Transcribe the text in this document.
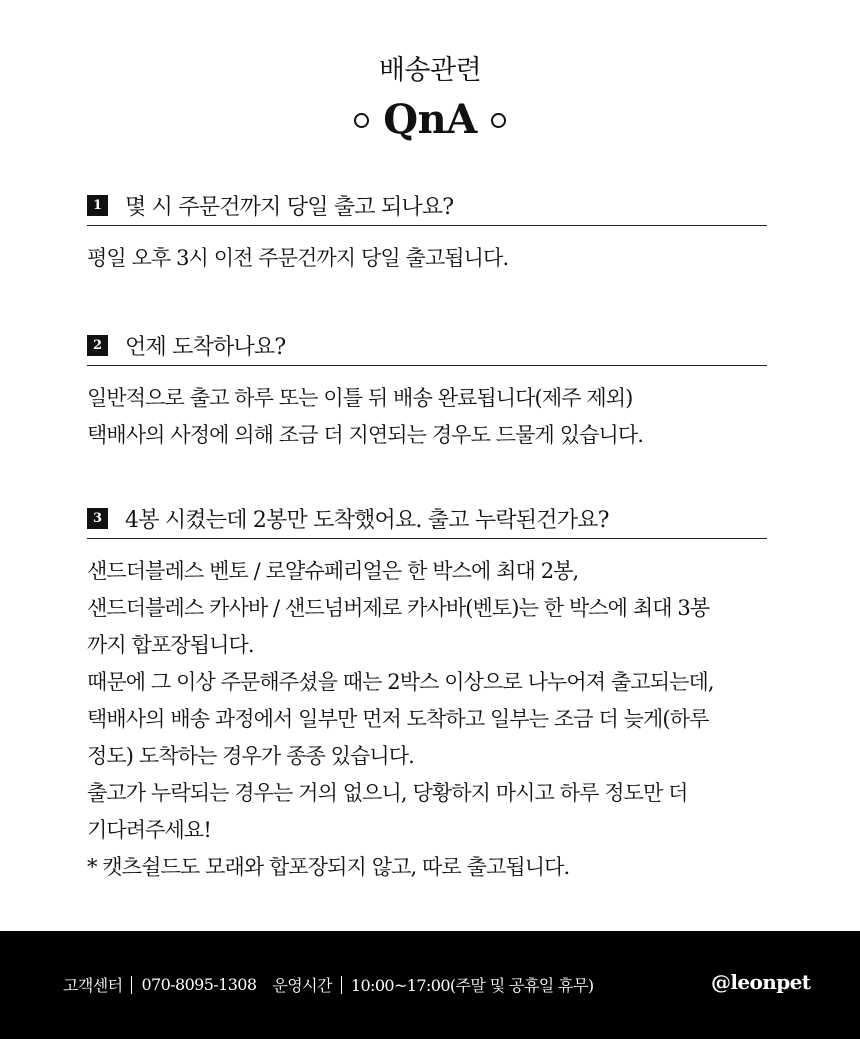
배송관련
QnA
1 몇 시 주문건까지 당일 출고 되나요?
평일 오후 3시 이전 주문건까지 당일 출고됩니다.
2 언제 도착하나요?
일반적으로 출고 하루 또는 이틀 뒤 배송 완료됩니다(제주 제외)
택배사의 사정에 의해 조금 더 지연되는 경우도 드물게 있습니다.
3 4봉 시켰는데 2봉만 도착했어요. 출고 누락된건가요?
샌드더블레스 벤토 / 로얄슈페리얼은 한 박스에 최대 2봉,
샌드더블레스 카사바 / 샌드넘버제로 카사바(벤토)는 한 박스에 최대 3봉
까지 합포장됩니다.
때문에 그 이상 주문해주셨을 때는 2박스 이상으로 나누어져 출고되는데,
택배사의 배송 과정에서 일부만 먼저 도착하고 일부는 조금 더 늦게(하루
정도) 도착하는 경우가 종종 있습니다.
출고가 누락되는 경우는 거의 없으니, 당황하지 마시고 하루 정도만 더
기다려주세요!
* 캣츠쉴드도 모래와 합포장되지 않고, 따로 출고됩니다.
고객센터 070-8095-1308 운영시간 10:00~17:00(주말 및 공휴일 휴무)	@leonpet
